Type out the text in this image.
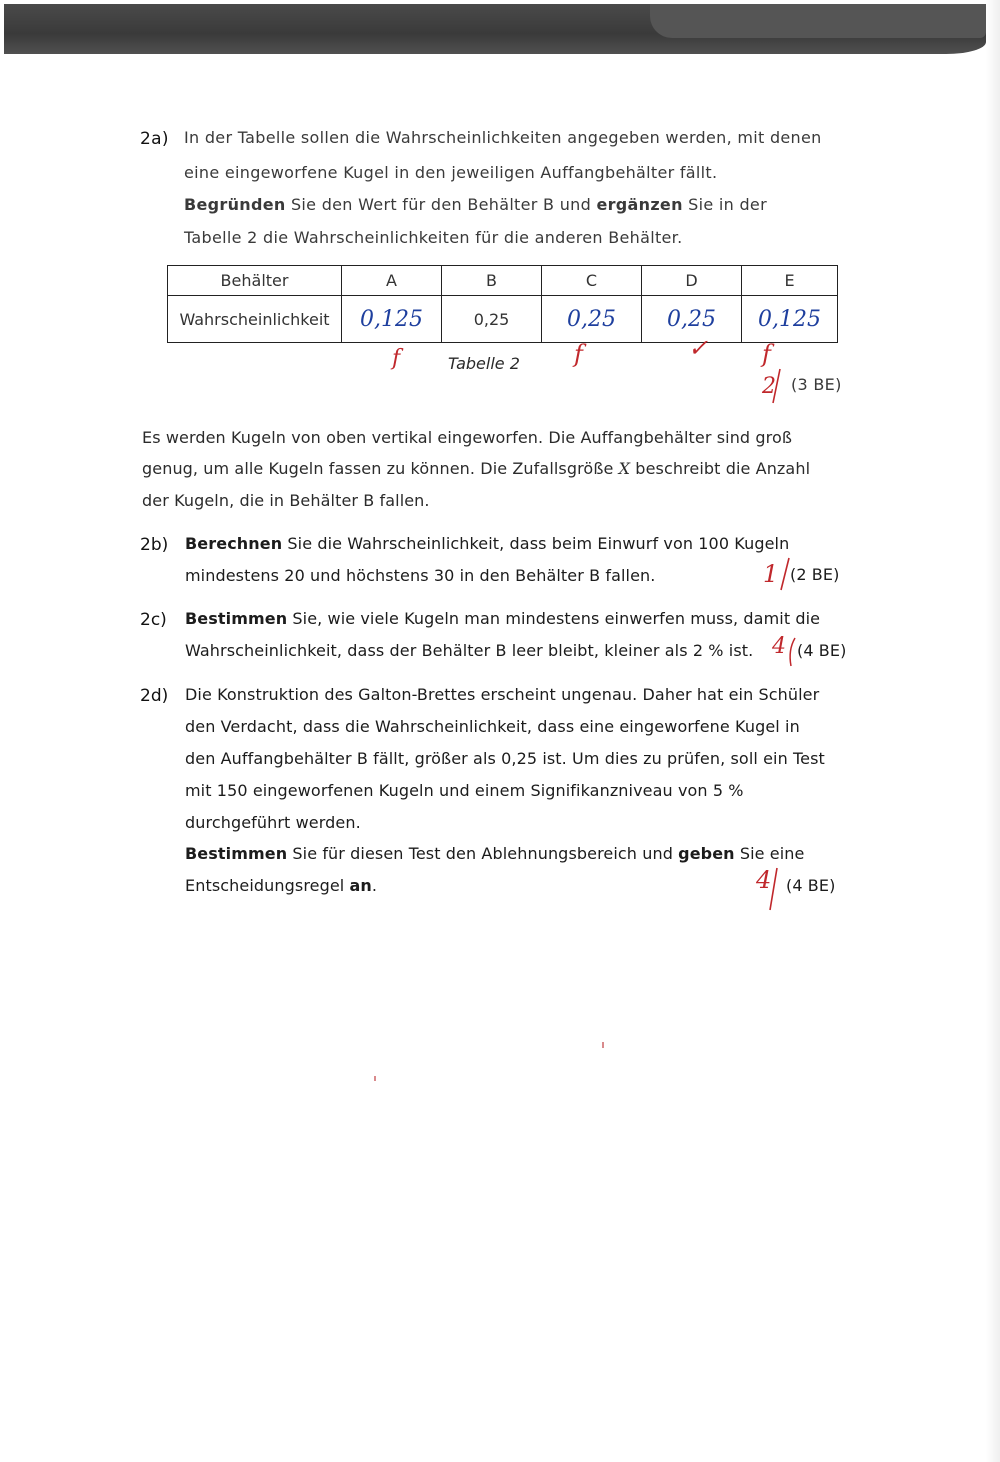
2a) In der Tabelle sollen die Wahrscheinlichkeiten angegeben werden, mit denen
eine eingeworfene Kugel in den jeweiligen Auffangbehälter fällt.
Begründen Sie den Wert für den Behälter B und ergänzen Sie in der
Tabelle 2 die Wahrscheinlichkeiten für die anderen Behälter.
Behälter	A	B	C	D	E
Wahrscheinlichkeit	0,125	0,25	0,25	0,25	0,125
f	Tabelle 2 f	✓ f
2 (3 BE)
Es werden Kugeln von oben vertikal eingeworfen. Die Auffangbehälter sind groß
genug, um alle Kugeln fassen zu können. Die Zufallsgröße X beschreibt die Anzahl
der Kugeln, die in Behälter B fallen.
2b) Berechnen Sie die Wahrscheinlichkeit, dass beim Einwurf von 100 Kugeln
mindestens 20 und höchstens 30 in den Behälter B fallen.	1 (2 BE)
2c) Bestimmen Sie, wie viele Kugeln man mindestens einwerfen muss, damit die
Wahrscheinlichkeit, dass der Behälter B leer bleibt, kleiner als 2 % ist. 4 (4 BE)
2d) Die Konstruktion des Galton-Brettes erscheint ungenau. Daher hat ein Schüler
den Verdacht, dass die Wahrscheinlichkeit, dass eine eingeworfene Kugel in
den Auffangbehälter B fällt, größer als 0,25 ist. Um dies zu prüfen, soll ein Test
mit 150 eingeworfenen Kugeln und einem Signifikanzniveau von 5 %
durchgeführt werden.
Bestimmen Sie für diesen Test den Ablehnungsbereich und geben Sie eine
Entscheidungsregel an.	4 (4 BE)
